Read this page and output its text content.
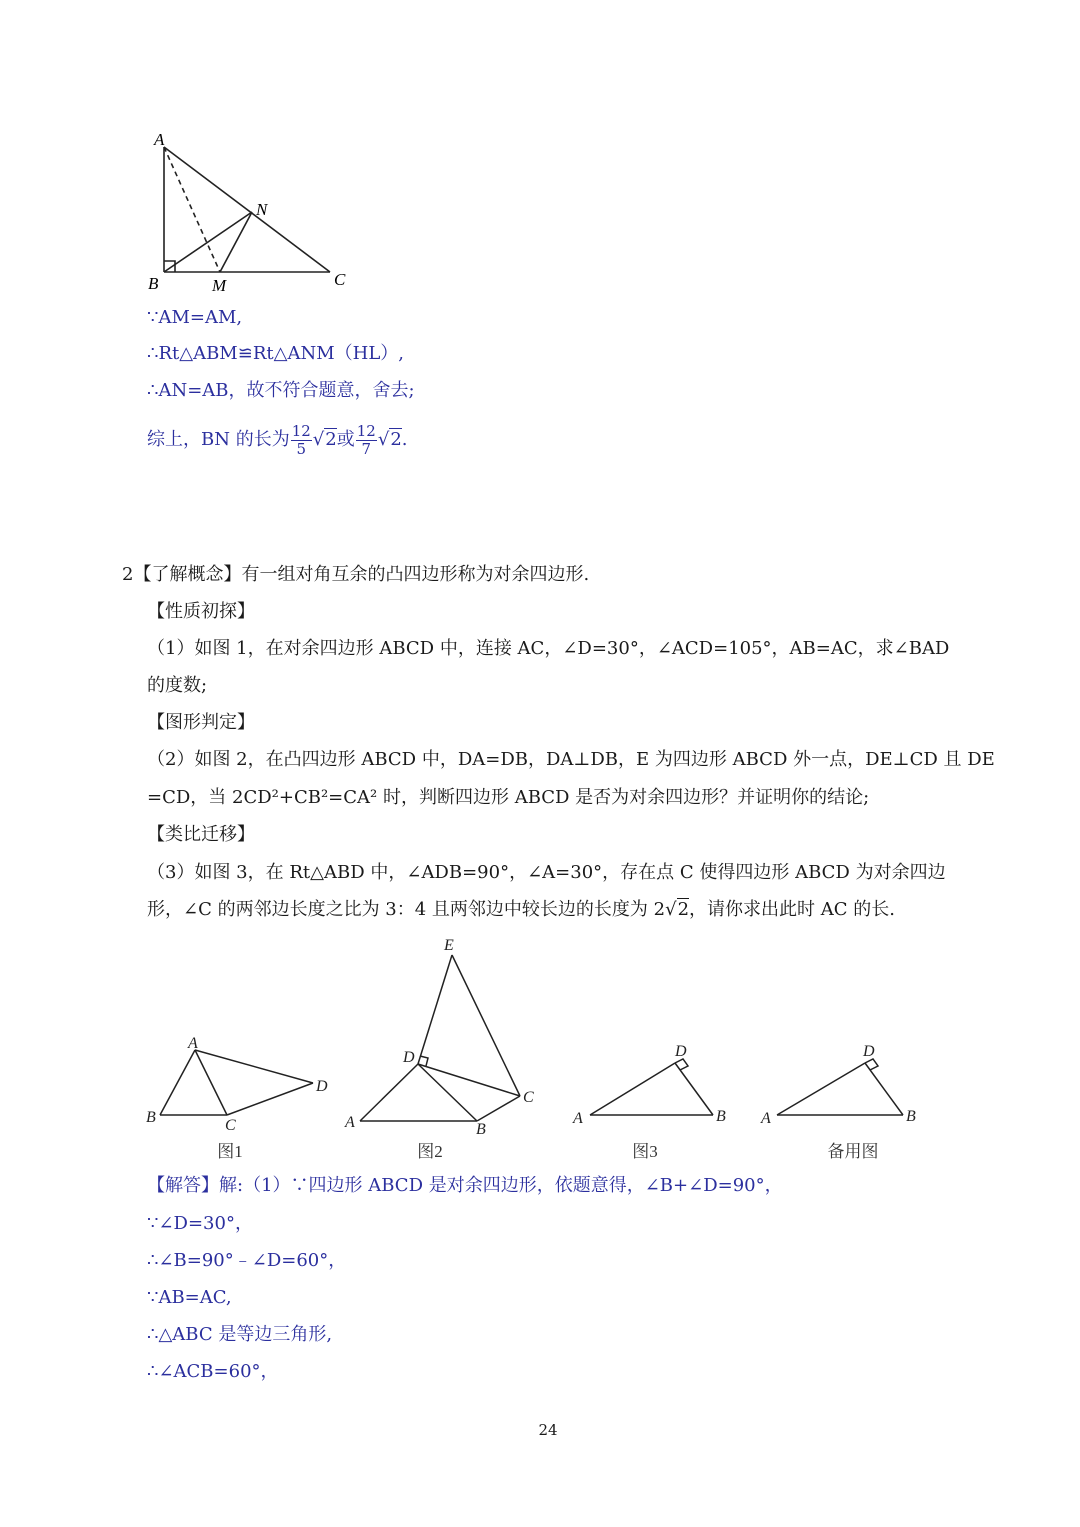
A
N
B	M	C
∵AM=AM,
∴Rt△ABM≌Rt△ANM（HL）,
∴AN=AB，故不符合题意，舍去;
综上，BN 的长为 $\frac{12}{5} √2$或 $\frac{12}{7} √2$.
2【了解概念】有一组对角互余的凸四边形称为对余四边形.
【性质初探】
（1）如图 1，在对余四边形 ABCD 中，连接 AC，∠D=30°，∠ACD=105°，AB=AC，求∠BAD
的度数;
【图形判定】
（2）如图 2，在凸四边形 ABCD 中，DA=DB，DA⊥DB，E 为四边形 ABCD 外一点，DE⊥CD 且 DE
=CD，当 2CD²+CB²=CA² 时，判断四边形 ABCD 是否为对余四边形？并证明你的结论;
【类比迁移】
（3）如图 3，在 Rt△ABD 中，∠ADB=90°，∠A=30°，存在点 C 使得四边形 ABCD 为对余四边
形，∠C 的两邻边长度之比为 3：4 且两邻边中较长边的长度为 2√2，请你求出此时 AC 的长.
A
B	C
D
E
D
A	B
C
D
A	B
D
A	B
图1	图2	图3	备用图
【解答】解:（1）∵四边形 ABCD 是对余四边形，依题意得，∠B+∠D=90°，
∵∠D=30°，
∴∠B=90°﹣∠D=60°，
∵AB=AC,
∴△ABC 是等边三角形,
∴∠ACB=60°，
24
